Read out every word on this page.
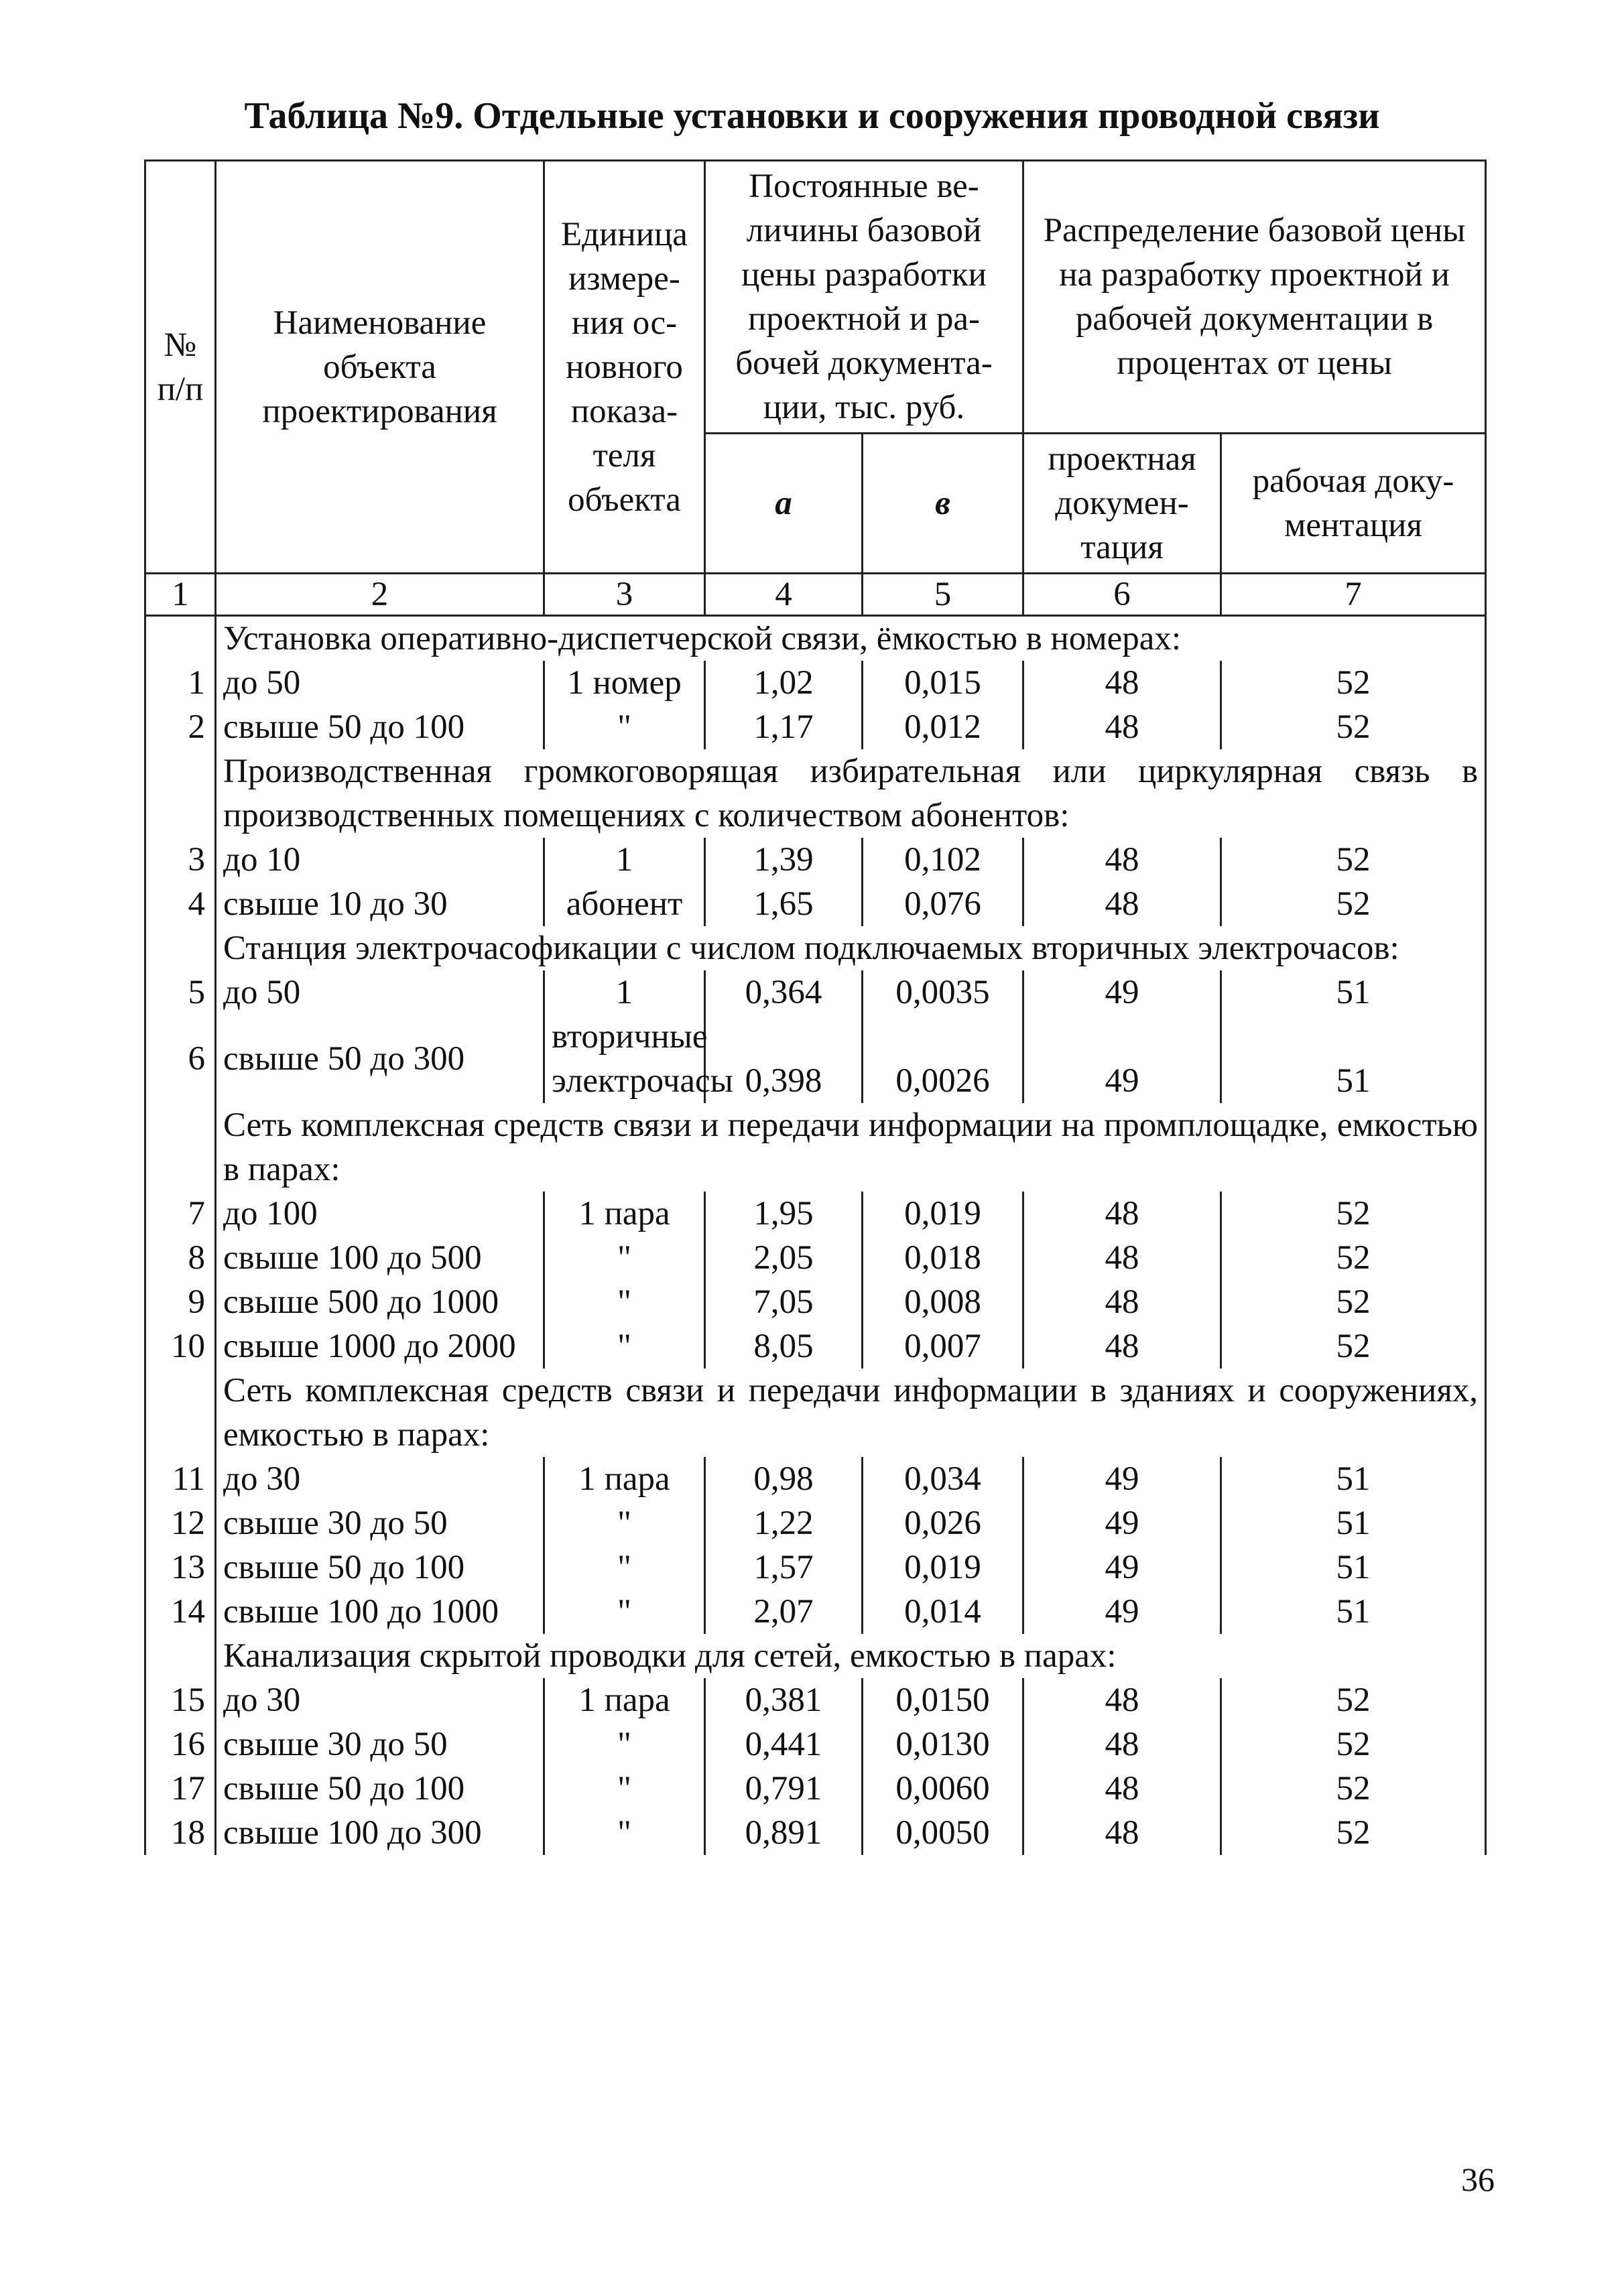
Таблица №9. Отдельные установки и сооружения проводной связи
№ п/п	Наименование объекта проектирования	Единица измере-ния ос-новного показа-теля объекта	Постоянные ве-личины базовой цены разработки проектной и ра-бочей документа-ции, тыс. руб.		Распределение базовой цены на разработку проектной и рабочей документации в процентах от цены	
			а	в	проектная докумен-тация	рабочая доку-ментация
1	2	3	4	5	6	7
	Установка оперативно-диспетчерской связи, ёмкостью в номерах:					
1	до 50	1 номер	1,02	0,015	48	52
2	свыше 50 до 100	"	1,17	0,012	48	52
	Производственная громкоговорящая избирательная или циркулярная связь в производственных помещениях с количеством абонентов:					
3	до 10	1	1,39	0,102	48	52
4	свыше 10 до 30	абонент	1,65	0,076	48	52
	Станция электрочасофикации с числом подключаемых вторичных электрочасов:					
5	до 50	1	0,364	0,0035	49	51
6	свыше 50 до 300	вторичные электрочасы	0,398	0,0026	49	51
	Сеть комплексная средств связи и передачи информации на промплощадке, емкостью в парах:					
7	до 100	1 пара	1,95	0,019	48	52
8	свыше 100 до 500	"	2,05	0,018	48	52
9	свыше 500 до 1000	"	7,05	0,008	48	52
10	свыше 1000 до 2000	"	8,05	0,007	48	52
	Сеть комплексная средств связи и передачи информации в зданиях и сооружениях, емкостью в парах:					
11	до 30	1 пара	0,98	0,034	49	51
12	свыше 30 до 50	"	1,22	0,026	49	51
13	свыше 50 до 100	"	1,57	0,019	49	51
14	свыше 100 до 1000	"	2,07	0,014	49	51
	Канализация скрытой проводки для сетей, емкостью в парах:					
15	до 30	1 пара	0,381	0,0150	48	52
16	свыше 30 до 50	"	0,441	0,0130	48	52
17	свыше 50 до 100	"	0,791	0,0060	48	52
18	свыше 100 до 300	"	0,891	0,0050	48	52
36
